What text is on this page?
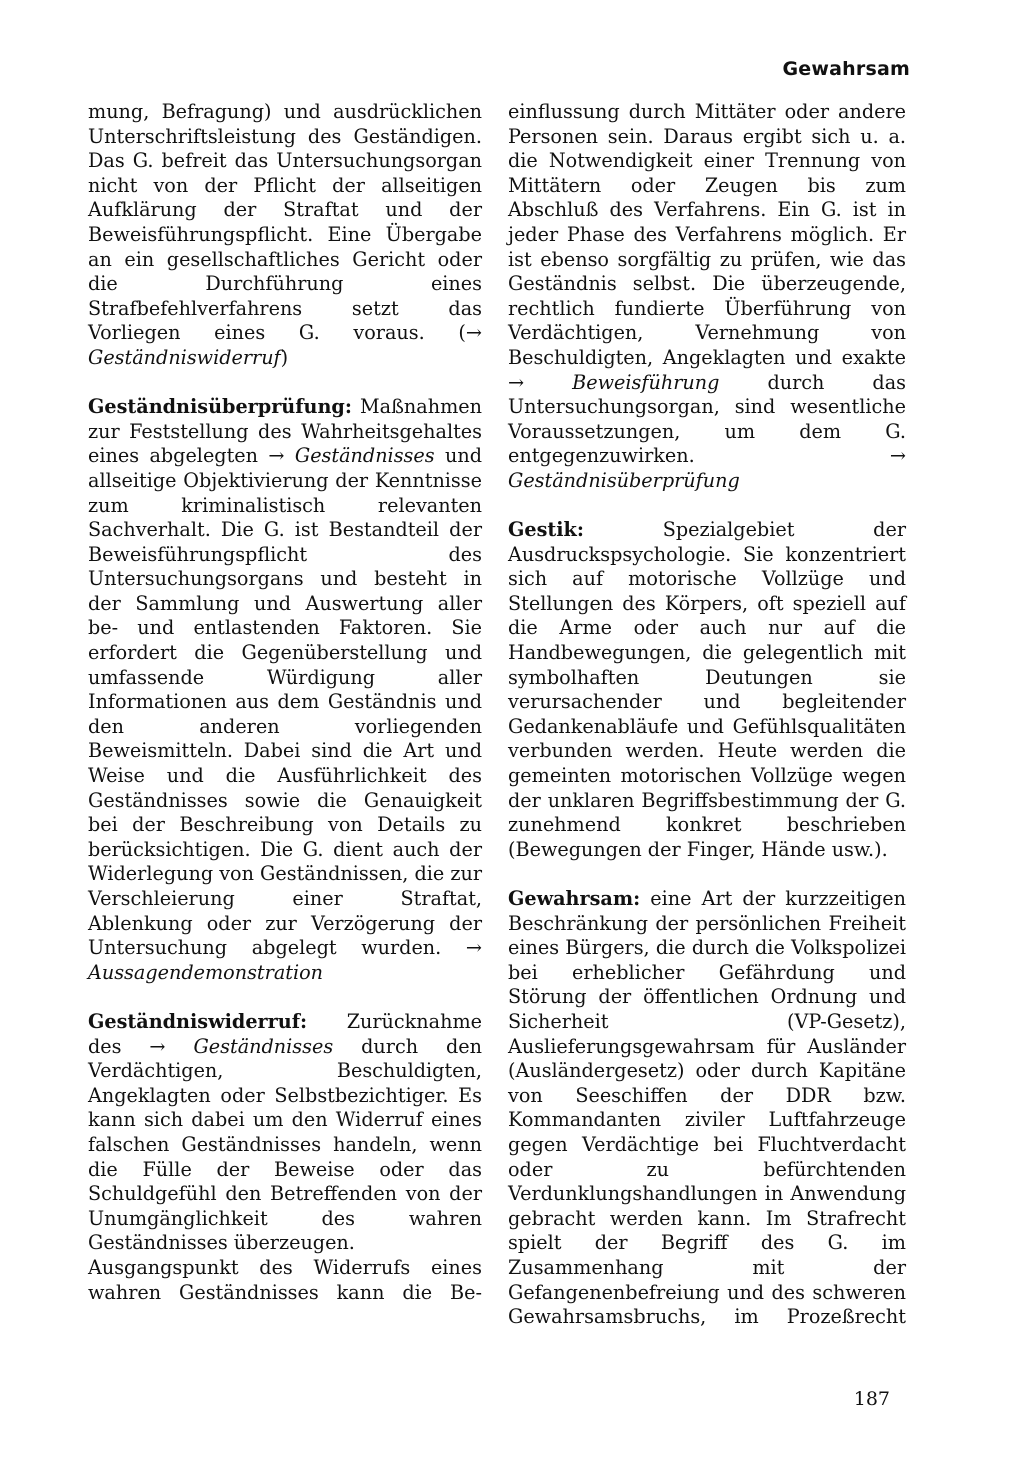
Gewahrsam

mung, Befragung) und ausdrücklichen Unterschriftsleistung des Geständigen. Das G. befreit das Untersuchungsorgan nicht von der Pflicht der allseitigen Aufklärung der Straftat und der Beweisführungspflicht. Eine Übergabe an ein gesellschaftliches Gericht oder die Durchführung eines Strafbefehlverfahrens setzt das Vorliegen eines G. voraus. (→ Geständniswiderruf)

Geständnisüberprüfung: Maßnahmen zur Feststellung des Wahrheitsgehaltes eines abgelegten → Geständnisses und allseitige Objektivierung der Kenntnisse zum kriminalistisch relevanten Sachverhalt. Die G. ist Bestandteil der Beweisführungspflicht des Untersuchungsorgans und besteht in der Sammlung und Auswertung aller be- und entlastenden Faktoren. Sie erfordert die Gegenüberstellung und umfassende Würdigung aller Informationen aus dem Geständnis und den anderen vorliegenden Beweismitteln. Dabei sind die Art und Weise und die Ausführlichkeit des Geständnisses sowie die Genauigkeit bei der Beschreibung von Details zu berücksichtigen. Die G. dient auch der Widerlegung von Geständnissen, die zur Verschleierung einer Straftat, Ablenkung oder zur Verzögerung der Untersuchung abgelegt wurden. → Aussagendemonstration

Geständniswiderruf: Zurücknahme des → Geständnisses durch den Verdächtigen, Beschuldigten, Angeklagten oder Selbstbezichtiger. Es kann sich dabei um den Widerruf eines falschen Geständnisses handeln, wenn die Fülle der Beweise oder das Schuldgefühl den Betreffenden von der Unumgänglichkeit des wahren Geständnisses überzeugen.

Ausgangspunkt des Widerrufs eines wahren Geständnisses kann die Be-

einflussung durch Mittäter oder andere Personen sein. Daraus ergibt sich u. a. die Notwendigkeit einer Trennung von Mittätern oder Zeugen bis zum Abschluß des Verfahrens. Ein G. ist in jeder Phase des Verfahrens möglich. Er ist ebenso sorgfältig zu prüfen, wie das Geständnis selbst. Die überzeugende, rechtlich fundierte Überführung von Verdächtigen, Vernehmung von Beschuldigten, Angeklagten und exakte → Beweisführung durch das Untersuchungsorgan, sind wesentliche Voraussetzungen, um dem G. entgegenzuwirken. → Geständnisüberprüfung

Gestik: Spezialgebiet der Ausdruckspsychologie. Sie konzentriert sich auf motorische Vollzüge und Stellungen des Körpers, oft speziell auf die Arme oder auch nur auf die Handbewegungen, die gelegentlich mit symbolhaften Deutungen sie verursachender und begleitender Gedankenabläufe und Gefühlsqualitäten verbunden werden. Heute werden die gemeinten motorischen Vollzüge wegen der unklaren Begriffsbestimmung der G. zunehmend konkret beschrieben (Bewegungen der Finger, Hände usw.).

Gewahrsam: eine Art der kurzzeitigen Beschränkung der persönlichen Freiheit eines Bürgers, die durch die Volkspolizei bei erheblicher Gefährdung und Störung der öffentlichen Ordnung und Sicherheit (VP-Gesetz), Auslieferungsgewahrsam für Ausländer (Ausländergesetz) oder durch Kapitäne von Seeschiffen der DDR bzw. Kommandanten ziviler Luftfahrzeuge gegen Verdächtige bei Fluchtverdacht oder zu befürchtenden Verdunklungshandlungen in Anwendung gebracht werden kann. Im Strafrecht spielt der Begriff des G. im Zusammenhang mit der Gefangenenbefreiung und des schweren Gewahrsamsbruchs, im Prozeßrecht

187
